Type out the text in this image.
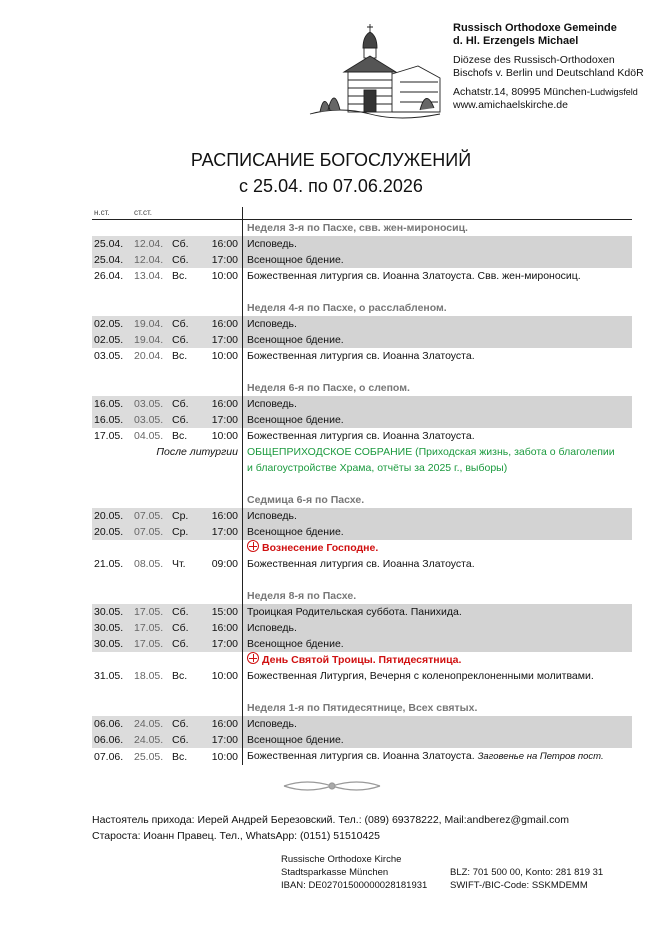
Russisch Orthodoxe Gemeinde
d. Hl. Erzengels Michael
Diözese des Russisch-Orthodoxen
Bischofs v. Berlin und Deutschland KdöR
Achatstr.14, 80995 München-Ludwigsfeld
www.amichaelskirche.de
РАСПИСАНИЕ БОГОСЛУЖЕНИЙ
с 25.04. по 07.06.2026
н.ст.	ст.ст.			
				Неделя 3-я по Пасхе, свв. жен-мироносиц.
25.04.	12.04.	Сб.	16:00	Исповедь.
25.04.	12.04.	Сб.	17:00	Всенощное бдение.
26.04.	13.04.	Вс.	10:00	Божественная литургия св. Иоанна Златоуста. Свв. жен-мироносиц.

				Неделя 4-я по Пасхе, о расслабленом.
02.05.	19.04.	Сб.	16:00	Исповедь.
02.05.	19.04.	Сб.	17:00	Всенощное бдение.
03.05.	20.04.	Вс.	10:00	Божественная литургия св. Иоанна Златоуста.

				Неделя 6-я по Пасхе, о слепом.
16.05.	03.05.	Сб.	16:00	Исповедь.
16.05.	03.05.	Сб.	17:00	Всенощное бдение.
17.05.	04.05.	Вс.	10:00	Божественная литургия св. Иоанна Златоуста.
После литургии				ОБЩЕПРИХОДСКОЕ СОБРАНИЕ (Приходская жизнь, забота о благолепии
				и благоустройстве Храма, отчёты за 2025 г., выборы)

				Седмица 6-я по Пасхе.
20.05.	07.05.	Ср.	16:00	Исповедь.
20.05.	07.05.	Ср.	17:00	Всенощное бдение.
				Вознесение Господне.
21.05.	08.05.	Чт.	09:00	Божественная литургия св. Иоанна Златоуста.

				Неделя 8-я по Пасхе.
30.05.	17.05.	Сб.	15:00	Троицкая Родительская суббота. Панихида.
30.05.	17.05.	Сб.	16:00	Исповедь.
30.05.	17.05.	Сб.	17:00	Всенощное бдение.
				День Святой Троицы. Пятидесятница.
31.05.	18.05.	Вс.	10:00	Божественная Литургия, Вечерня с коленопреклоненными молитвами.

				Неделя 1-я по Пятидесятнице, Всех святых.
06.06.	24.05.	Сб.	16:00	Исповедь.
06.06.	24.05.	Сб.	17:00	Всенощное бдение.
07.06.	25.05.	Вс.	10:00	Божественная литургия св. Иоанна Златоуста. Заговенье на Петров пост.
Настоятель прихода: Иерей Андрей Березовский. Тел.: (089) 69378222, Mail:andberez@gmail.com
Староста: Иоанн Правец. Тел., WhatsApp: (0151) 51510425
Russische Orthodoxe Kirche
Stadtsparkasse München
IBAN: DE02701500000028181931
BLZ: 701 500 00, Konto: 281 819 31
SWIFT-/BIC-Code: SSKMDEMM
